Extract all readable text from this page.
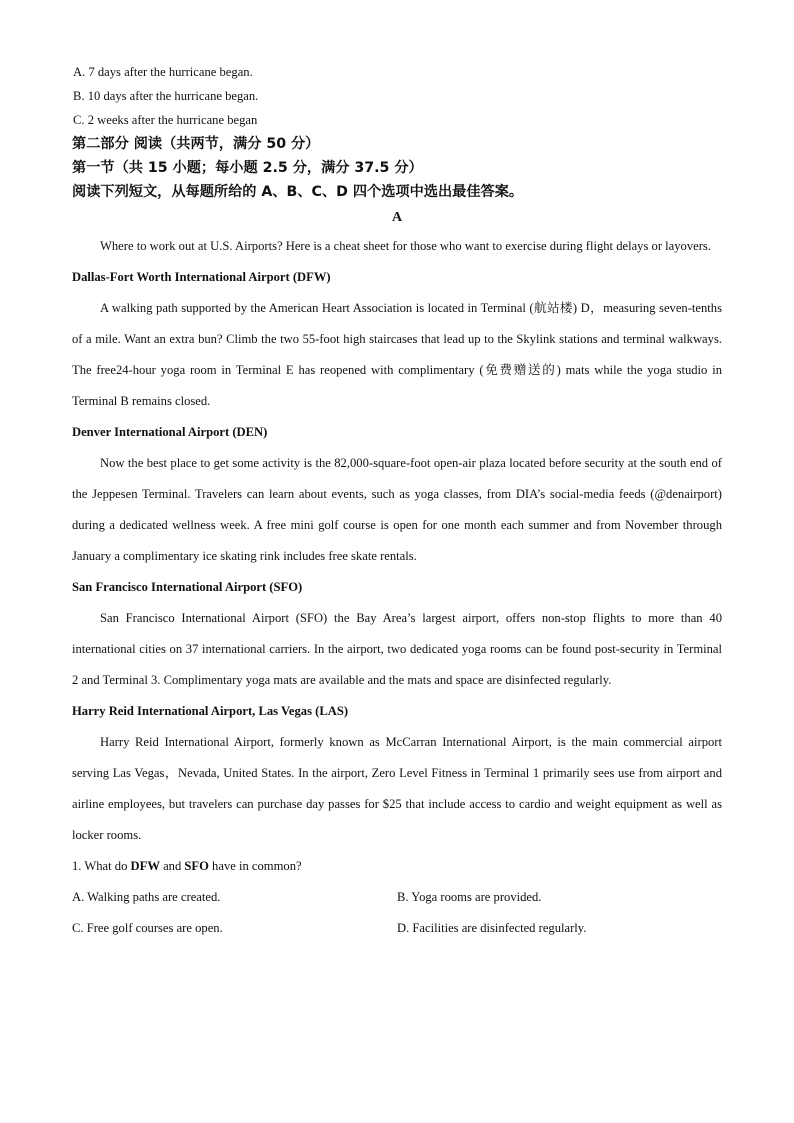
A. 7 days after the hurricane began.
B. 10 days after the hurricane began.
C. 2 weeks after the hurricane began
第二部分 阅读（共两节，满分 50 分）
第一节（共 15 小题；每小题 2.5 分，满分 37.5 分）
阅读下列短文，从每题所给的 A、B、C、D 四个选项中选出最佳答案。
A
Where to work out at U.S. Airports? Here is a cheat sheet for those who want to exercise during flight delays or layovers.
Dallas-Fort Worth International Airport (DFW)
A walking path supported by the American Heart Association is located in Terminal (航站楼) D，measuring seven-tenths of a mile. Want an extra bun? Climb the two 55-foot high staircases that lead up to the Skylink stations and terminal walkways. The free24-hour yoga room in Terminal E has reopened with complimentary (免费赠送的) mats while the yoga studio in Terminal B remains closed.
Denver International Airport (DEN)
Now the best place to get some activity is the 82,000-square-foot open-air plaza located before security at the south end of the Jeppesen Terminal. Travelers can learn about events, such as yoga classes, from DIA’s social-media feeds (@denairport) during a dedicated wellness week. A free mini golf course is open for one month each summer and from November through January a complimentary ice skating rink includes free skate rentals.
San Francisco International Airport (SFO)
San Francisco International Airport (SFO) the Bay Area’s largest airport, offers non-stop flights to more than 40 international cities on 37 international carriers. In the airport, two dedicated yoga rooms can be found post-security in Terminal 2 and Terminal 3. Complimentary yoga mats are available and the mats and space are disinfected regularly.
Harry Reid International Airport, Las Vegas (LAS)
Harry Reid International Airport, formerly known as McCarran International Airport, is the main commercial airport serving Las Vegas，Nevada, United States. In the airport, Zero Level Fitness in Terminal 1 primarily sees use from airport and airline employees, but travelers can purchase day passes for $25 that include access to cardio and weight equipment as well as locker rooms.
1. What do DFW and SFO have in common?
A. Walking paths are created.	B. Yoga rooms are provided.
C. Free golf courses are open.	D. Facilities are disinfected regularly.
